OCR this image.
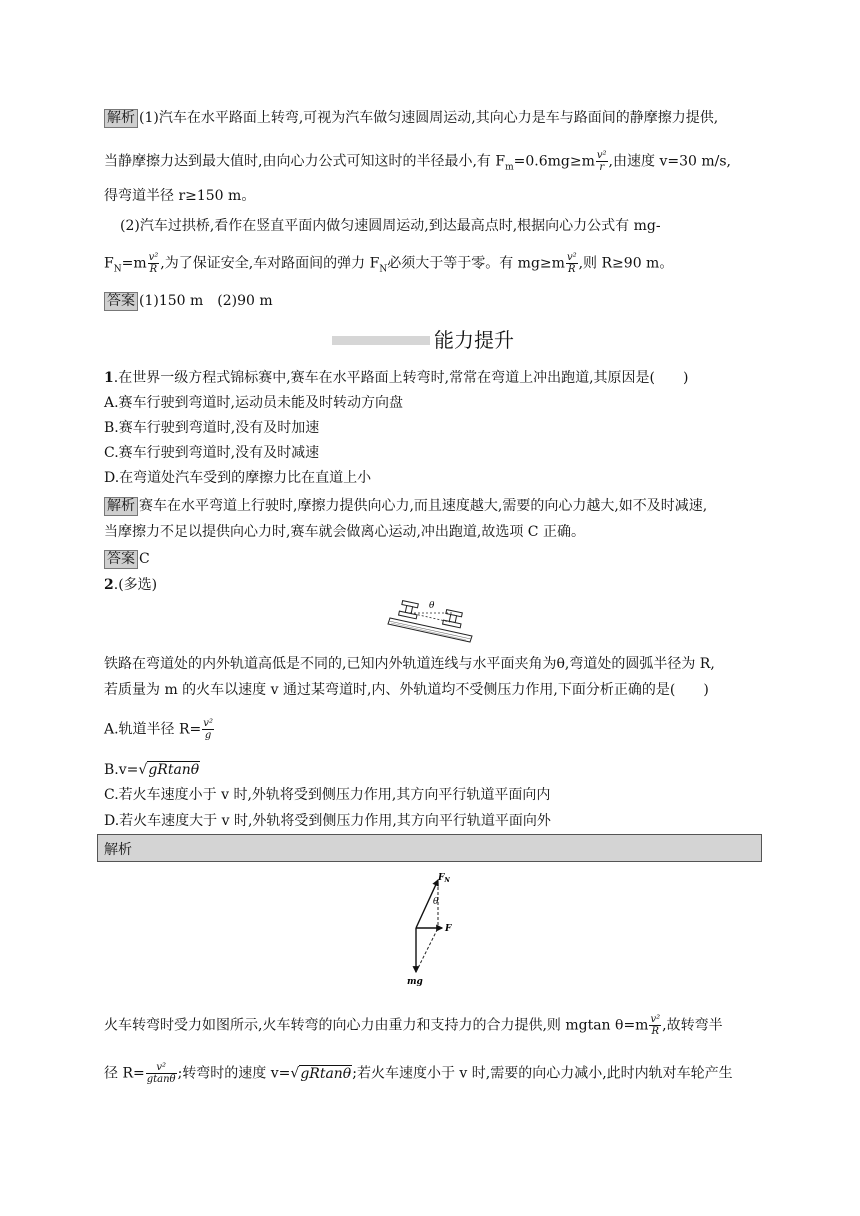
解析 (1)汽车在水平路面上转弯,可视为汽车做匀速圆周运动,其向心力是车与路面间的静摩擦力提供,
当静摩擦力达到最大值时,由向心力公式可知这时的半径最小,有 $F_m=0.6mg\ge m \frac{\text{v²}}{r}$ ,由速度 v=30 m/s,
得弯道半径 r≥150 m。
(2)汽车过拱桥,看作在竖直平面内做匀速圆周运动,到达最高点时,根据向心力公式有 mg-
$F_N=m \frac{\text{v²}}{R}$ ,为了保证安全,车对路面间的弹力 $F_N$必须大于等于零。有 $mg\ge m \frac{\text{v²}}{R}$ ,则 R≥90 m。
答案 (1)150 m　(2)90 m
能力提升
1.在世界一级方程式锦标赛中,赛车在水平路面上转弯时,常常在弯道上冲出跑道,其原因是(　　)
A.赛车行驶到弯道时,运动员未能及时转动方向盘
B.赛车行驶到弯道时,没有及时加速
C.赛车行驶到弯道时,没有及时减速
D.在弯道处汽车受到的摩擦力比在直道上小
解析 赛车在水平弯道上行驶时,摩擦力提供向心力,而且速度越大,需要的向心力越大,如不及时减速,
当摩擦力不足以提供向心力时,赛车就会做离心运动,冲出跑道,故选项 C 正确。
答案 C
2.(多选)
θ
铁路在弯道处的内外轨道高低是不同的,已知内外轨道连线与水平面夹角为θ,弯道处的圆弧半径为 R,
若质量为 m 的火车以速度 v 通过某弯道时,内、外轨道均不受侧压力作用,下面分析正确的是(　　)
A.轨道半径 $R= \frac{\text{v²}}{g}$
B.v=√gRtanθ
C.若火车速度小于 v 时,外轨将受到侧压力作用,其方向平行轨道平面向内
D.若火车速度大于 v 时,外轨将受到侧压力作用,其方向平行轨道平面向外
解析
$F_N$
θ
F
mg
火车转弯时受力如图所示,火车转弯的向心力由重力和支持力的合力提供,则 mgtan $\theta=m \frac{\text{v²}}{R}$ ,故转弯半
径 $R= \frac{\text{v²}}{gtan\theta}$ ;转弯时的速度 v=√gRtanθ;若火车速度小于 v 时,需要的向心力减小,此时内轨对车轮产生
